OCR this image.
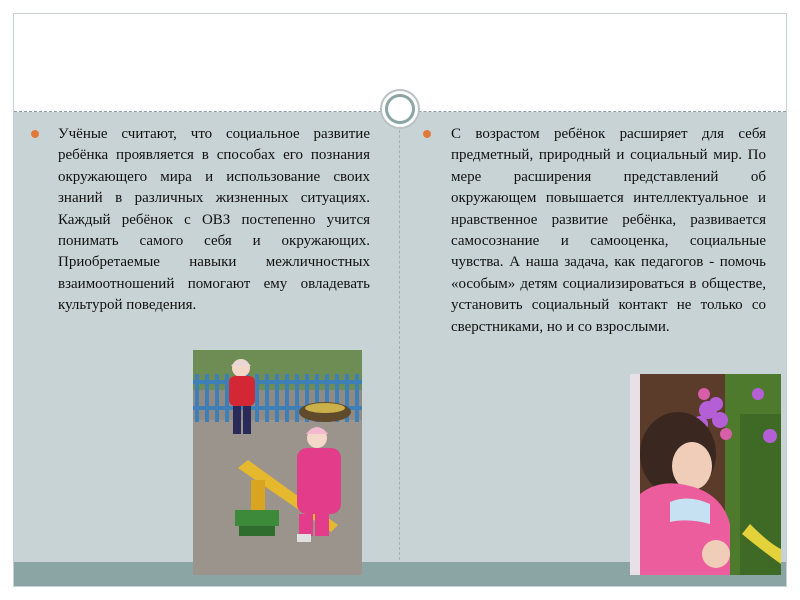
Учёные считают, что социальное развитие ребёнка проявляется в способах его познания окружающего мира и использование своих знаний в различных жизненных ситуациях. Каждый ребёнок с ОВЗ постепенно учится понимать самого себя и окружающих. Приобретаемые навыки межличностных взаимоотношений помогают ему овладевать культурой поведения.
С возрастом ребёнок расширяет для себя предметный, природный и социальный мир. По мере расширения представлений об окружающем повышается интеллектуальное и нравственное развитие ребёнка, развивается самосознание и самооценка, социальные чувства. А наша задача, как педагогов - помочь «особым» детям социализироваться в обществе, установить социальный контакт не только со сверстниками, но и со взрослыми.
